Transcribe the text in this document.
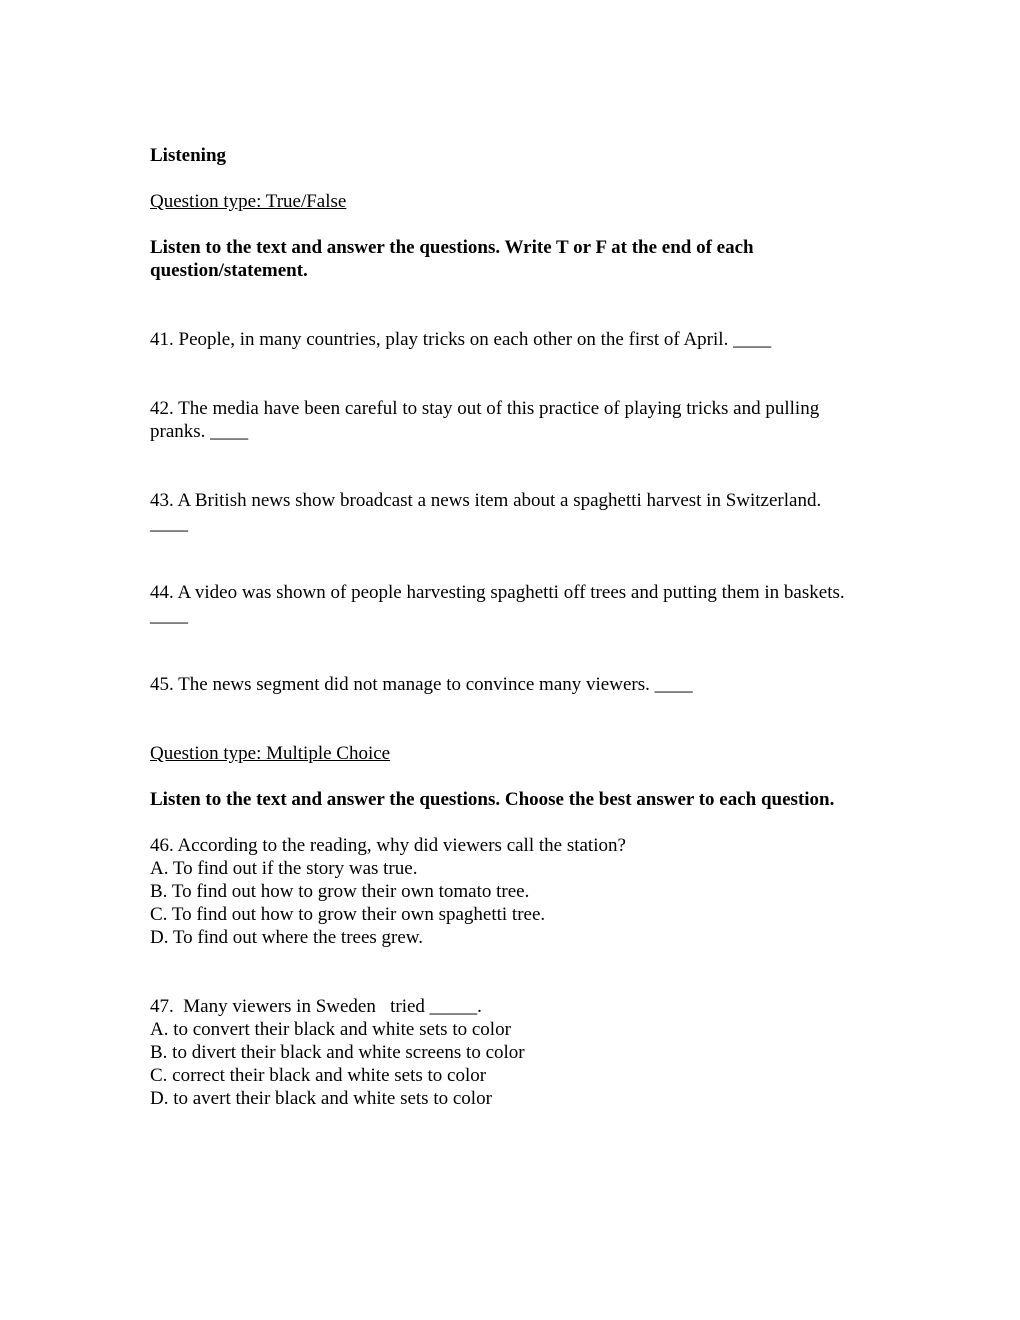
Listening

Question type: True/False

Listen to the text and answer the questions. Write T or F at the end of each question/statement.

41. People, in many countries, play tricks on each other on the first of April. ____

42. The media have been careful to stay out of this practice of playing tricks and pulling pranks. ____

43. A British news show broadcast a news item about a spaghetti harvest in Switzerland. ____

44. A video was shown of people harvesting spaghetti off trees and putting them in baskets. ____

45. The news segment did not manage to convince many viewers. ____

Question type: Multiple Choice

Listen to the text and answer the questions. Choose the best answer to each question.

46. According to the reading, why did viewers call the station?

A. To find out if the story was true.
B. To find out how to grow their own tomato tree.
C. To find out how to grow their own spaghetti tree.
D. To find out where the trees grew.

47.  Many viewers in Sweden   tried _____.

A. to convert their black and white sets to color
B. to divert their black and white screens to color
C. correct their black and white sets to color
D. to avert their black and white sets to color
